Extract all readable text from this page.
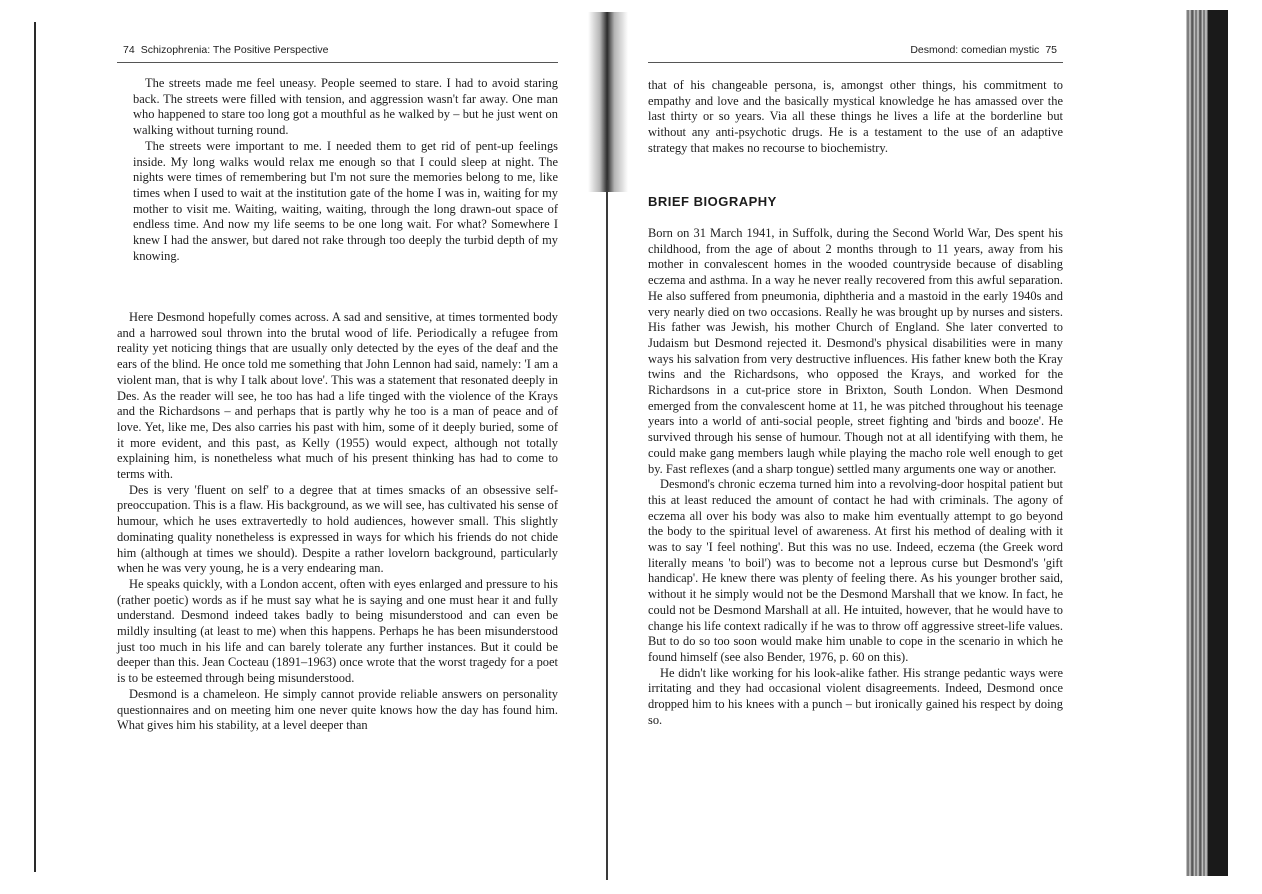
74 Schizophrenia: The Positive Perspective

The streets made me feel uneasy. People seemed to stare. I had to avoid staring back. The streets were filled with tension, and aggression wasn't far away. One man who happened to stare too long got a mouthful as he walked by – but he just went on walking without turning round.

The streets were important to me. I needed them to get rid of pent-up feelings inside. My long walks would relax me enough so that I could sleep at night. The nights were times of remembering but I'm not sure the memories belong to me, like times when I used to wait at the institution gate of the home I was in, waiting for my mother to visit me. Waiting, waiting, waiting, through the long drawn-out space of endless time. And now my life seems to be one long wait. For what? Somewhere I knew I had the answer, but dared not rake through too deeply the turbid depth of my knowing.

Here Desmond hopefully comes across. A sad and sensitive, at times tormented body and a harrowed soul thrown into the brutal wood of life. Periodically a refugee from reality yet noticing things that are usually only detected by the eyes of the deaf and the ears of the blind. He once told me something that John Lennon had said, namely: 'I am a violent man, that is why I talk about love'. This was a statement that resonated deeply in Des. As the reader will see, he too has had a life tinged with the violence of the Krays and the Richardsons – and perhaps that is partly why he too is a man of peace and of love. Yet, like me, Des also carries his past with him, some of it deeply buried, some of it more evident, and this past, as Kelly (1955) would expect, although not totally explaining him, is nonetheless what much of his present thinking has had to come to terms with.

Des is very 'fluent on self' to a degree that at times smacks of an obsessive self-preoccupation. This is a flaw. His background, as we will see, has cultivated his sense of humour, which he uses extravertedly to hold audiences, however small. This slightly dominating quality nonetheless is expressed in ways for which his friends do not chide him (although at times we should). Despite a rather lovelorn background, particularly when he was very young, he is a very endearing man.

He speaks quickly, with a London accent, often with eyes enlarged and pressure to his (rather poetic) words as if he must say what he is saying and one must hear it and fully understand. Desmond indeed takes badly to being misunderstood and can even be mildly insulting (at least to me) when this happens. Perhaps he has been misunderstood just too much in his life and can barely tolerate any further instances. But it could be deeper than this. Jean Cocteau (1891–1963) once wrote that the worst tragedy for a poet is to be esteemed through being misunderstood.

Desmond is a chameleon. He simply cannot provide reliable answers on personality questionnaires and on meeting him one never quite knows how the day has found him. What gives him his stability, at a level deeper than

Desmond: comedian mystic 75

that of his changeable persona, is, amongst other things, his commitment to empathy and love and the basically mystical knowledge he has amassed over the last thirty or so years. Via all these things he lives a life at the borderline but without any anti-psychotic drugs. He is a testament to the use of an adaptive strategy that makes no recourse to biochemistry.

BRIEF BIOGRAPHY

Born on 31 March 1941, in Suffolk, during the Second World War, Des spent his childhood, from the age of about 2 months through to 11 years, away from his mother in convalescent homes in the wooded countryside because of disabling eczema and asthma. In a way he never really recovered from this awful separation. He also suffered from pneumonia, diphtheria and a mastoid in the early 1940s and very nearly died on two occasions. Really he was brought up by nurses and sisters. His father was Jewish, his mother Church of England. She later converted to Judaism but Desmond rejected it. Desmond's physical disabilities were in many ways his salvation from very destructive influences. His father knew both the Kray twins and the Richardsons, who opposed the Krays, and worked for the Richardsons in a cut-price store in Brixton, South London. When Desmond emerged from the convalescent home at 11, he was pitched throughout his teenage years into a world of anti-social people, street fighting and 'birds and booze'. He survived through his sense of humour. Though not at all identifying with them, he could make gang members laugh while playing the macho role well enough to get by. Fast reflexes (and a sharp tongue) settled many arguments one way or another.

Desmond's chronic eczema turned him into a revolving-door hospital patient but this at least reduced the amount of contact he had with criminals. The agony of eczema all over his body was also to make him eventually attempt to go beyond the body to the spiritual level of awareness. At first his method of dealing with it was to say 'I feel nothing'. But this was no use. Indeed, eczema (the Greek word literally means 'to boil') was to become not a leprous curse but Desmond's 'gift handicap'. He knew there was plenty of feeling there. As his younger brother said, without it he simply would not be the Desmond Marshall that we know. In fact, he could not be Desmond Marshall at all. He intuited, however, that he would have to change his life context radically if he was to throw off aggressive street-life values. But to do so too soon would make him unable to cope in the scenario in which he found himself (see also Bender, 1976, p. 60 on this).

He didn't like working for his look-alike father. His strange pedantic ways were irritating and they had occasional violent disagreements. Indeed, Desmond once dropped him to his knees with a punch – but ironically gained his respect by doing so.
